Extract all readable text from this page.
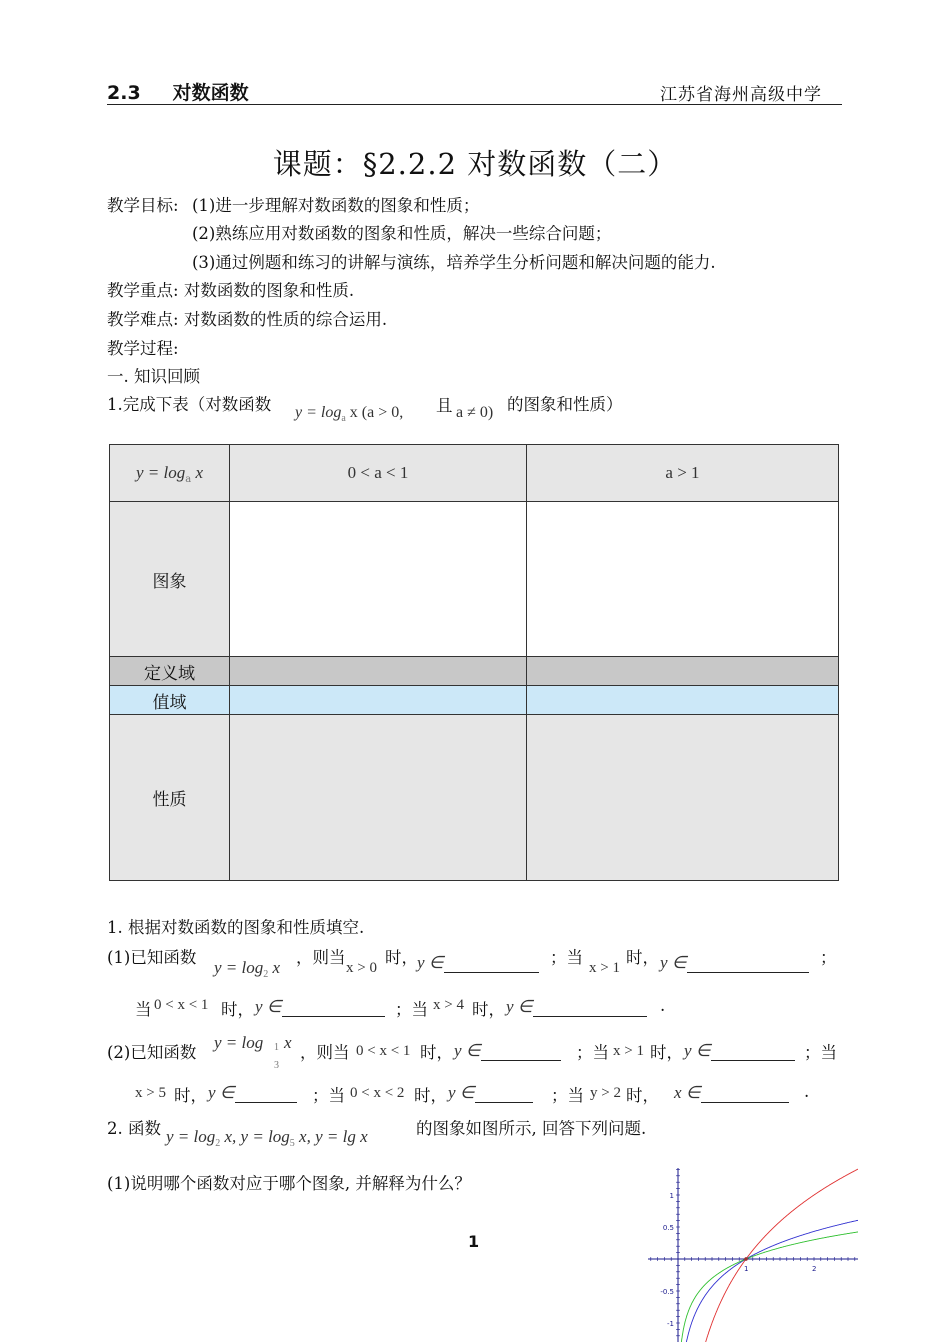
2.3 对数函数	江苏省海州高级中学
课题：§2.2.2 对数函数（二）
教学目标: (1)进一步理解对数函数的图象和性质；
(2)熟练应用对数函数的图象和性质，解决一些综合问题；
(3)通过例题和练习的讲解与演练，培养学生分析问题和解决问题的能力.
教学重点: 对数函数的图象和性质.
教学难点: 对数函数的性质的综合运用.
教学过程:
一. 知识回顾
1.完成下表（对数函数 $y = \log_a x$ (a > 0, 且 a ≠ 0) 的图象和性质）
$y = \log_a x$	0 < a < 1	a > 1
图象		
定义域		
值域		
性质		
1. 根据对数函数的图象和性质填空.
(1)已知函数
$y = \log_2 x$
，则当
x > 0
时， y ∈	；当
x > 1
时， y ∈	；
当 0 < x < 1 时， y ∈	；当 x > 4 时， y ∈	.
(2)已知函数
y = log 1
3
x
，则当 0 < x < 1 时， y ∈	；当 x > 1 时， y ∈	；当
x > 5 时， y ∈	；当 0 < x < 2 时， y ∈	；当 y > 2 时， x ∈	.
2. 函数 $y = \log_2 x$, $y = \log_5 x$, y = lg x	的图象如图所示, 回答下列问题.
(1)说明哪个函数对应于哪个图象, 并解释为什么？
1
1	2
1
0.5
-0.5
-1
